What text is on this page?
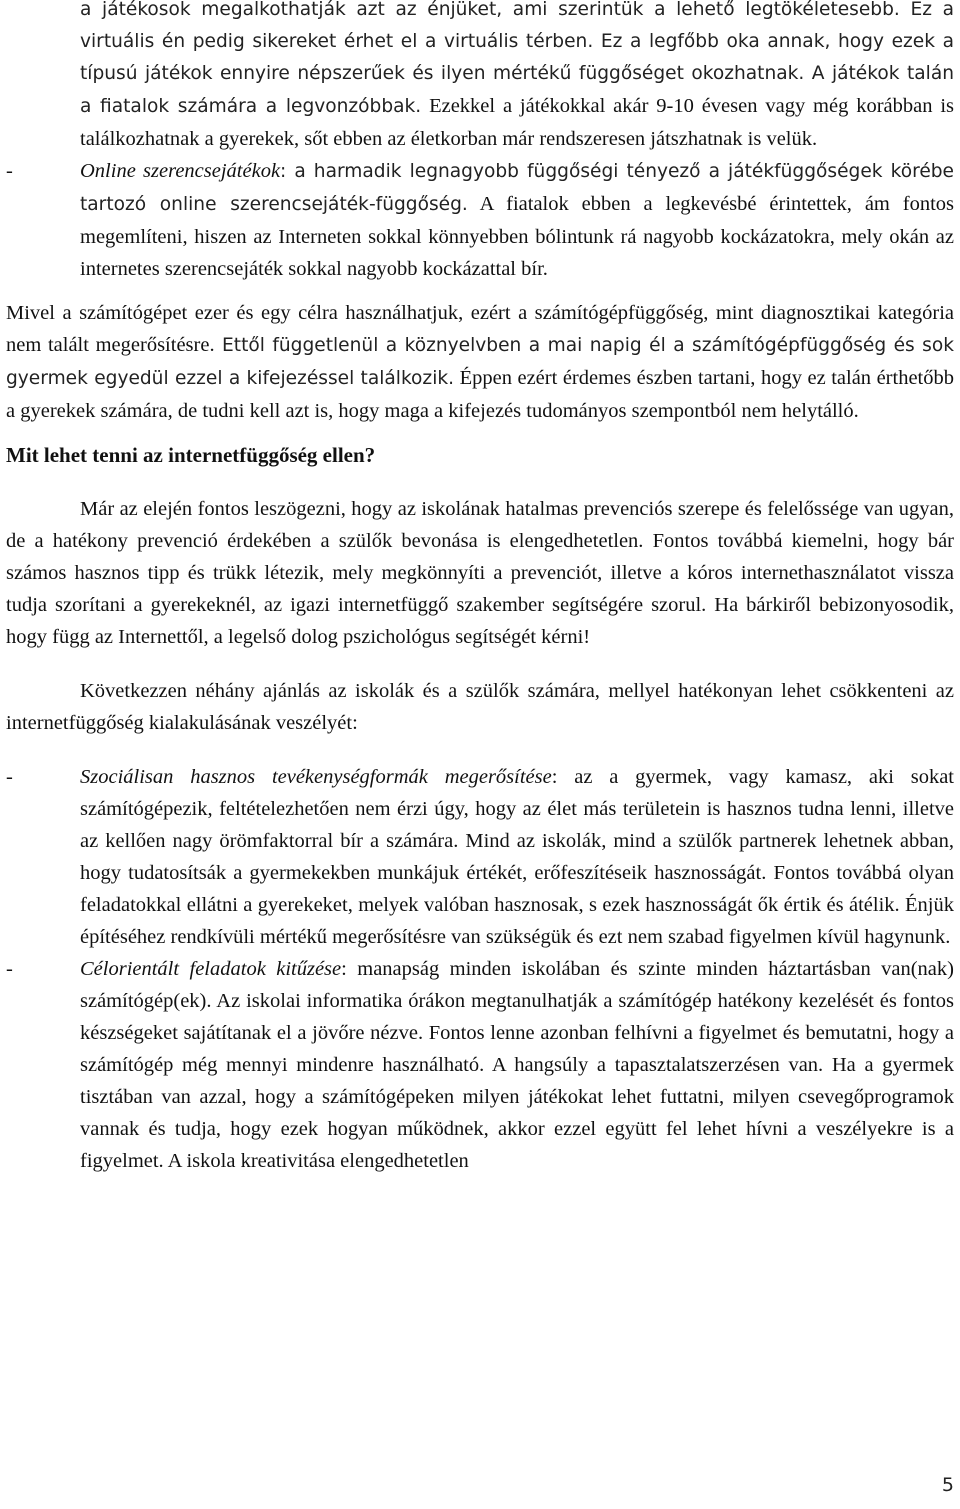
a játékosok megalkothatják azt az énjüket, ami szerintük a lehető legtökéletesebb. Ez a virtuális én pedig sikereket érhet el a virtuális térben. Ez a legfőbb oka annak, hogy ezek a típusú játékok ennyire népszerűek és ilyen mértékű függőséget okozhatnak. A játékok talán a fiatalok számára a legvonzóbbak. Ezekkel a játékokkal akár 9-10 évesen vagy még korábban is találkozhatnak a gyerekek, sőt ebben az életkorban már rendszeresen játszhatnak is velük.

-	Online szerencsejátékok: a harmadik legnagyobb függőségi tényező a játékfüggőségek körébe tartozó online szerencsejáték-függőség. A fiatalok ebben a legkevésbé érintettek, ám fontos megemlíteni, hiszen az Interneten sokkal könnyebben bólintunk rá nagyobb kockázatokra, mely okán az internetes szerencsejáték sokkal nagyobb kockázattal bír.

Mivel a számítógépet ezer és egy célra használhatjuk, ezért a számítógépfüggőség, mint diagnosztikai kategória nem talált megerősítésre. Ettől függetlenül a köznyelvben a mai napig él a számítógépfüggőség és sok gyermek egyedül ezzel a kifejezéssel találkozik. Éppen ezért érdemes észben tartani, hogy ez talán érthetőbb a gyerekek számára, de tudni kell azt is, hogy maga a kifejezés tudományos szempontból nem helytálló.

Mit lehet tenni az internetfüggőség ellen?

Már az elején fontos leszögezni, hogy az iskolának hatalmas prevenciós szerepe és felelőssége van ugyan, de a hatékony prevenció érdekében a szülők bevonása is elengedhetetlen. Fontos továbbá kiemelni, hogy bár számos hasznos tipp és trükk létezik, mely megkönnyíti a prevenciót, illetve a kóros internethasználatot vissza tudja szorítani a gyerekeknél, az igazi internetfüggő szakember segítségére szorul. Ha bárkiről bebizonyosodik, hogy függ az Internettől, a legelső dolog pszichológus segítségét kérni!

Következzen néhány ajánlás az iskolák és a szülők számára, mellyel hatékonyan lehet csökkenteni az internetfüggőség kialakulásának veszélyét:

-	Szociálisan hasznos tevékenységformák megerősítése: az a gyermek, vagy kamasz, aki sokat számítógépezik, feltételezhetően nem érzi úgy, hogy az élet más területein is hasznos tudna lenni, illetve az kellően nagy örömfaktorral bír a számára. Mind az iskolák, mind a szülők partnerek lehetnek abban, hogy tudatosítsák a gyermekekben munkájuk értékét, erőfeszítéseik hasznosságát. Fontos továbbá olyan feladatokkal ellátni a gyerekeket, melyek valóban hasznosak, s ezek hasznosságát ők értik és átélik. Énjük építéséhez rendkívüli mértékű megerősítésre van szükségük és ezt nem szabad figyelmen kívül hagynunk.

-	Célorientált feladatok kitűzése: manapság minden iskolában és szinte minden háztartásban van(nak) számítógép(ek). Az iskolai informatika órákon megtanulhatják a számítógép hatékony kezelését és fontos készségeket sajátítanak el a jövőre nézve. Fontos lenne azonban felhívni a figyelmet és bemutatni, hogy a számítógép még mennyi mindenre használható. A hangsúly a tapasztalatszerzésen van. Ha a gyermek tisztában van azzal, hogy a számítógépeken milyen játékokat lehet futtatni, milyen csevegőprogramok vannak és tudja, hogy ezek hogyan működnek, akkor ezzel együtt fel lehet hívni a veszélyekre is a figyelmet. A iskola kreativitása elengedhetetlen

5
